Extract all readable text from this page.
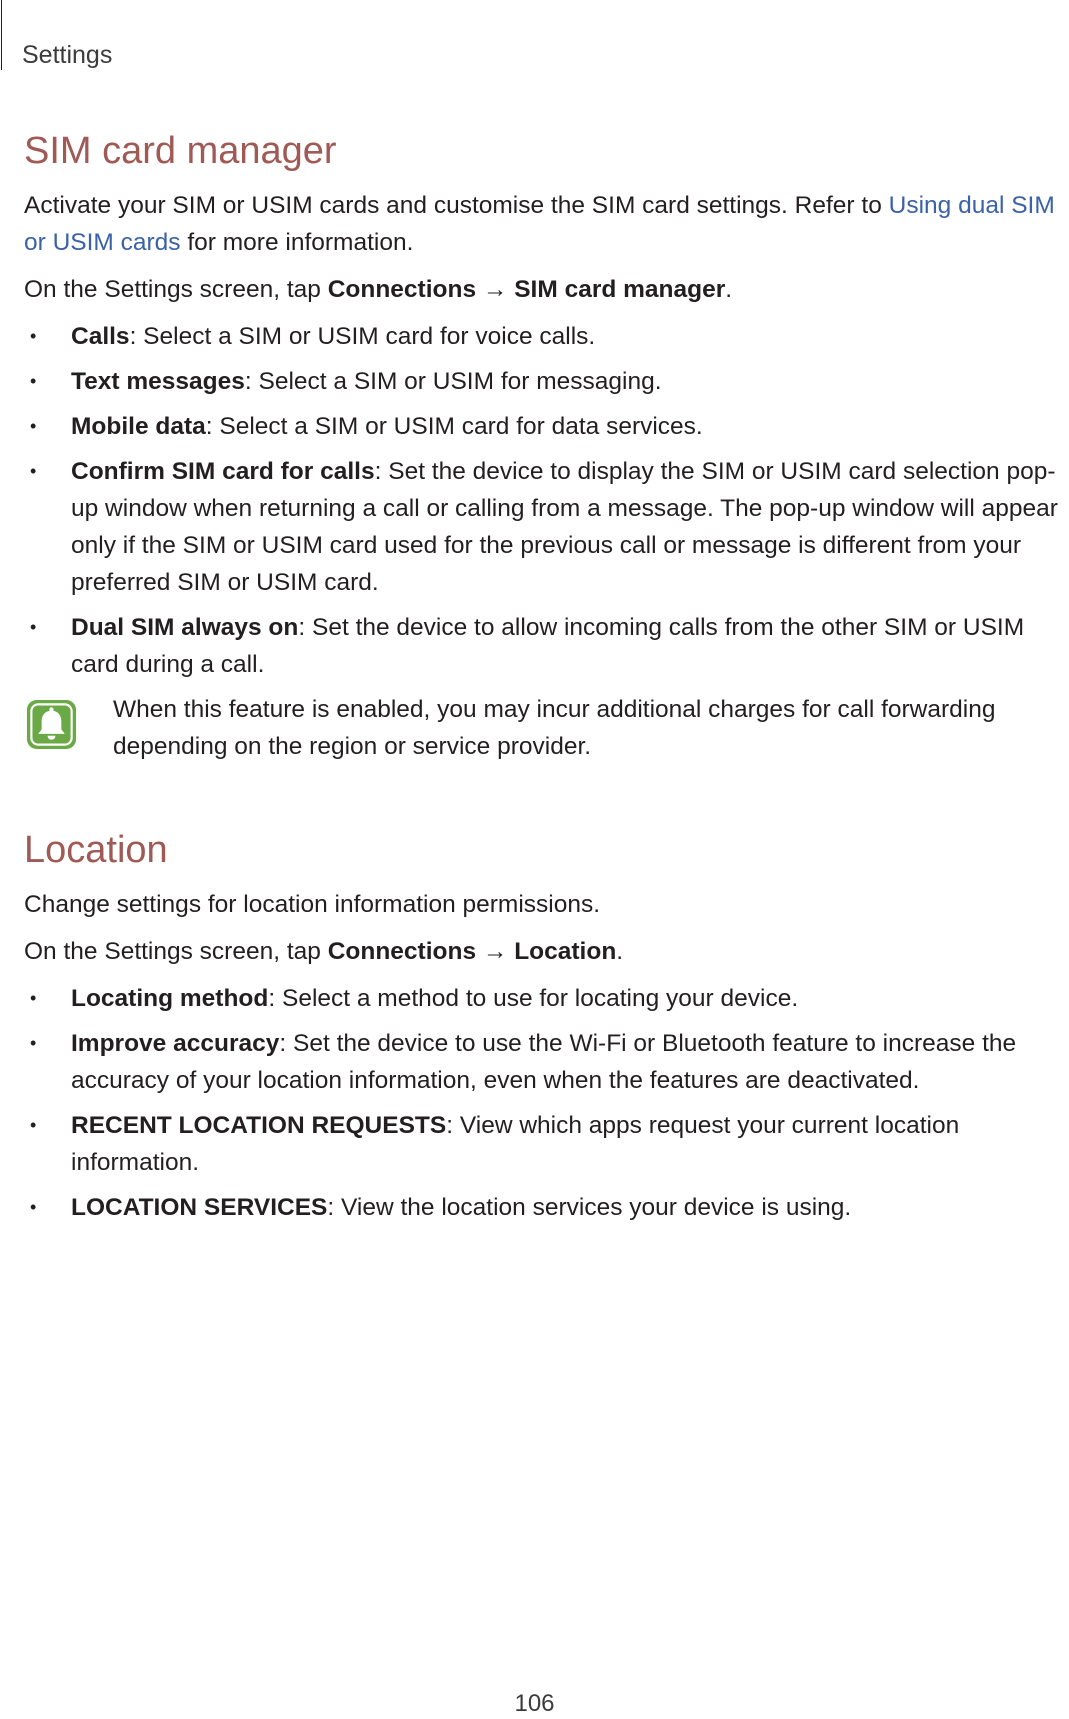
Settings
SIM card manager

Activate your SIM or USIM cards and customise the SIM card settings. Refer to Using dual SIM or USIM cards for more information.

On the Settings screen, tap Connections → SIM card manager.

• Calls: Select a SIM or USIM card for voice calls.
• Text messages: Select a SIM or USIM for messaging.
• Mobile data: Select a SIM or USIM card for data services.
• Confirm SIM card for calls: Set the device to display the SIM or USIM card selection pop-up window when returning a call or calling from a message. The pop-up window will appear only if the SIM or USIM card used for the previous call or message is different from your preferred SIM or USIM card.
• Dual SIM always on: Set the device to allow incoming calls from the other SIM or USIM card during a call.

When this feature is enabled, you may incur additional charges for call forwarding depending on the region or service provider.

Location

Change settings for location information permissions.

On the Settings screen, tap Connections → Location.

• Locating method: Select a method to use for locating your device.
• Improve accuracy: Set the device to use the Wi-Fi or Bluetooth feature to increase the accuracy of your location information, even when the features are deactivated.
• RECENT LOCATION REQUESTS: View which apps request your current location information.
• LOCATION SERVICES: View the location services your device is using.
106
